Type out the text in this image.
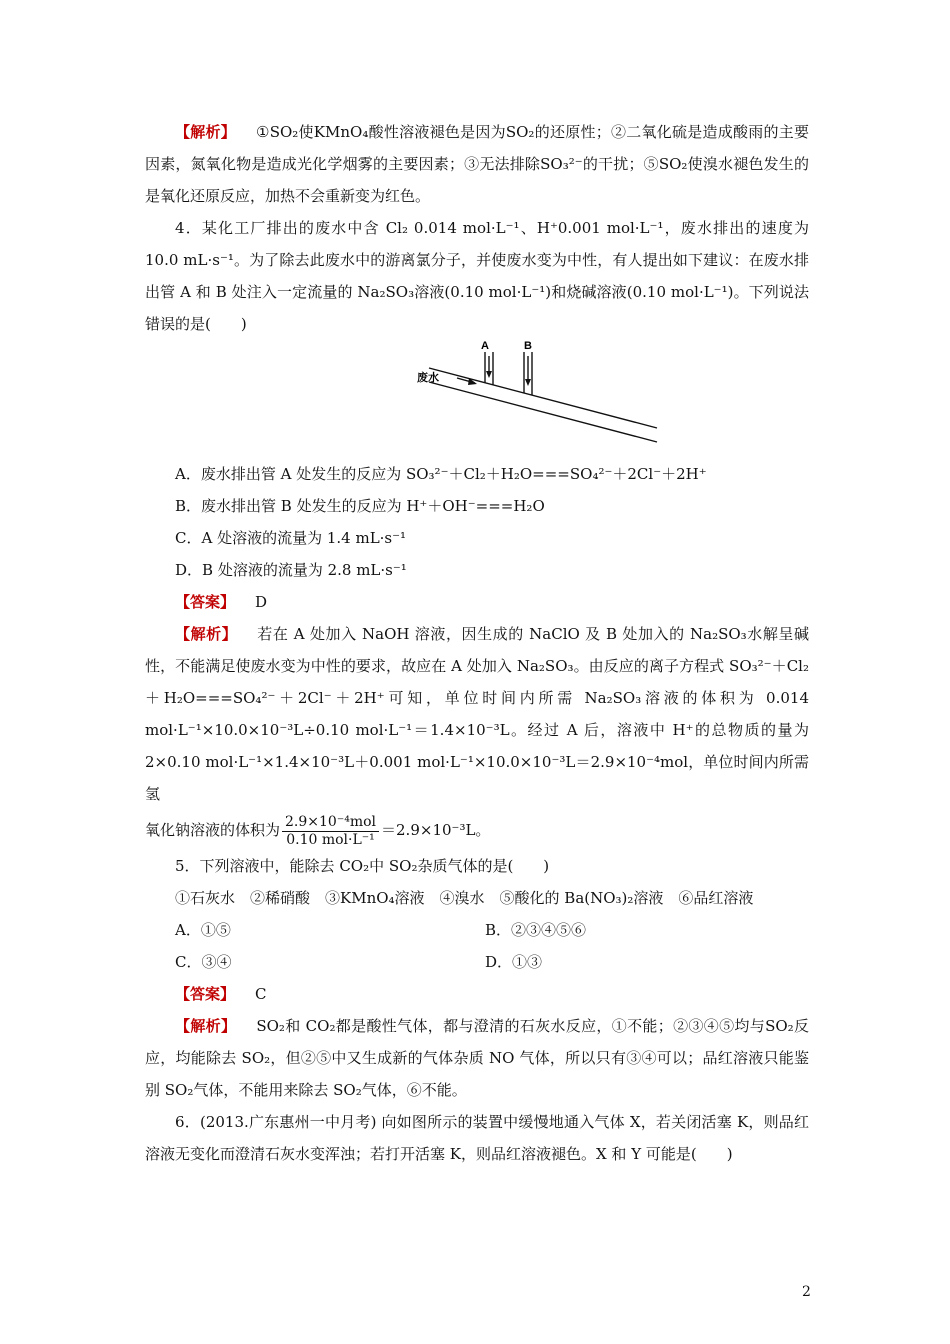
【解析】 ①SO₂使KMnO₄酸性溶液褪色是因为SO₂的还原性；②二氧化硫是造成酸雨的主要因素，氮氧化物是造成光化学烟雾的主要因素；③无法排除SO₃²⁻的干扰；⑤SO₂使溴水褪色发生的是氧化还原反应，加热不会重新变为红色。

4．某化工厂排出的废水中含 Cl₂ 0.014 mol·L⁻¹、H⁺0.001 mol·L⁻¹，废水排出的速度为10.0 mL·s⁻¹。为了除去此废水中的游离氯分子，并使废水变为中性，有人提出如下建议：在废水排出管 A 和 B 处注入一定流量的 Na₂SO₃溶液(0.10 mol·L⁻¹)和烧碱溶液(0.10 mol·L⁻¹)。下列说法错误的是(　　)

A	B
废水

A．废水排出管 A 处发生的反应为 SO₃²⁻＋Cl₂＋H₂O===SO₄²⁻＋2Cl⁻＋2H⁺

B．废水排出管 B 处发生的反应为 H⁺＋OH⁻===H₂O

C．A 处溶液的流量为 1.4 mL·s⁻¹

D．B 处溶液的流量为 2.8 mL·s⁻¹

【答案】 D

【解析】 若在 A 处加入 NaOH 溶液，因生成的 NaClO 及 B 处加入的 Na₂SO₃水解呈碱性，不能满足使废水变为中性的要求，故应在 A 处加入 Na₂SO₃。由反应的离子方程式 SO₃²⁻＋Cl₂＋H₂O===SO₄²⁻＋2Cl⁻＋2H⁺可知，单位时间内所需 Na₂SO₃溶液的体积为 0.014 mol·L⁻¹×10.0×10⁻³L÷0.10 mol·L⁻¹＝1.4×10⁻³L。经过 A 后，溶液中 H⁺的总物质的量为 2×0.10 mol·L⁻¹×1.4×10⁻³L＋0.001 mol·L⁻¹×10.0×10⁻³L＝2.9×10⁻⁴mol，单位时间内所需氢

氧化钠溶液的体积为 $\frac{\text{2.9×10⁻⁴mol}}{\text{0.10 mol·L⁻¹}} =2.9\times 10^{-3}L$。

5．下列溶液中，能除去 CO₂中 SO₂杂质气体的是(　　)

①石灰水　②稀硝酸　③KMnO₄溶液　④溴水　⑤酸化的 Ba(NO₃)₂溶液　⑥品红溶液

A．①⑤	B．②③④⑤⑥
C．③④	D．①③

【答案】 C

【解析】 SO₂和 CO₂都是酸性气体，都与澄清的石灰水反应，①不能；②③④⑤均与SO₂反应，均能除去 SO₂，但②⑤中又生成新的气体杂质 NO 气体，所以只有③④可以；品红溶液只能鉴别 SO₂气体，不能用来除去 SO₂气体，⑥不能。

6．(2013.广东惠州一中月考) 向如图所示的装置中缓慢地通入气体 X，若关闭活塞 K，则品红溶液无变化而澄清石灰水变浑浊；若打开活塞 K，则品红溶液褪色。X 和 Y 可能是(　　)

2
